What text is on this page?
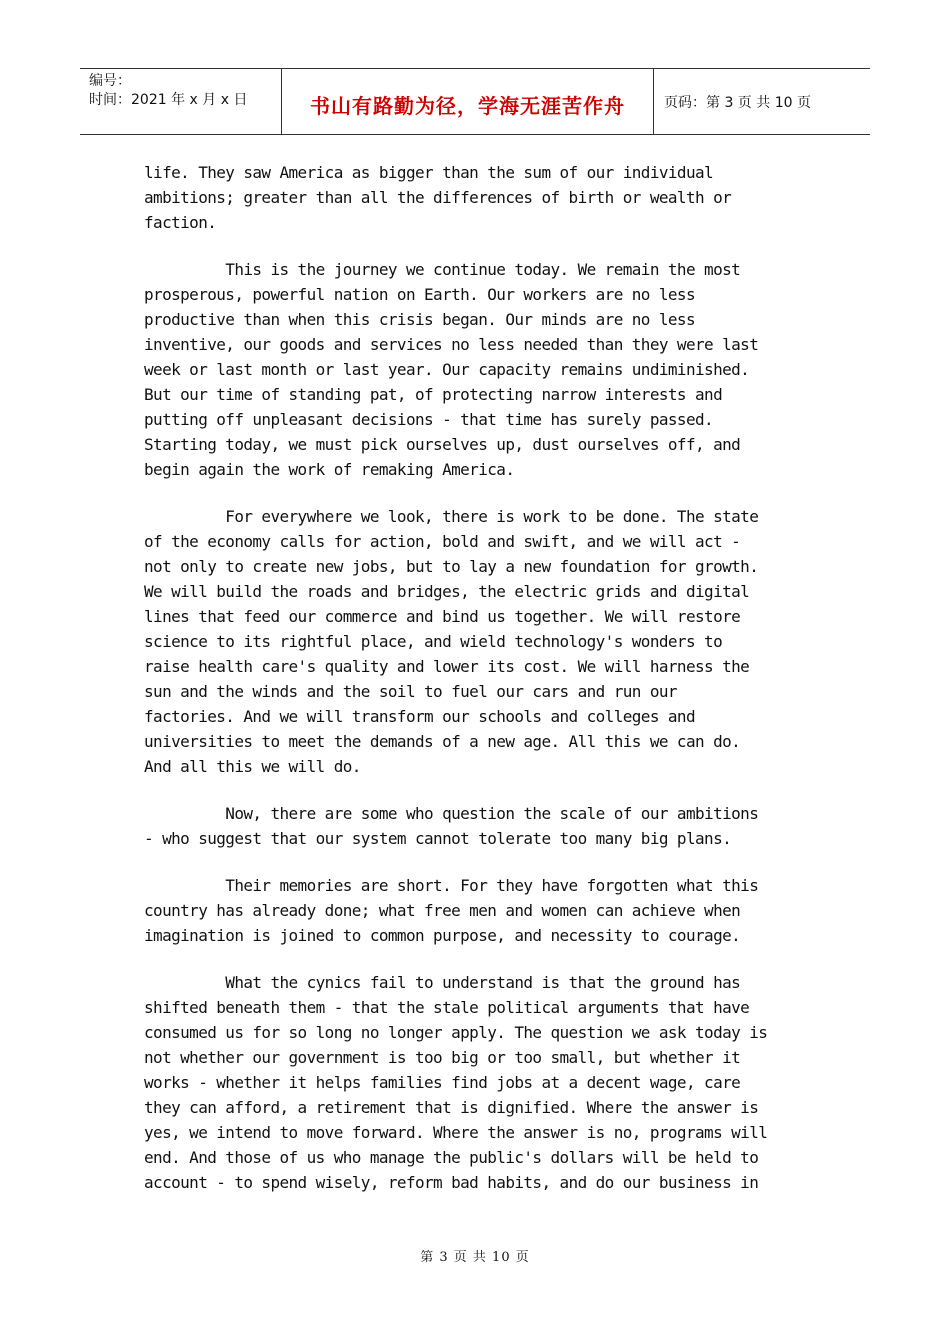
编号：
时间：2021 年 x 月 x 日	书山有路勤为径，学海无涯苦作舟	页码：第 3 页 共 10 页

life. They saw America as bigger than the sum of our individual
ambitions; greater than all the differences of birth or wealth or
faction.

This is the journey we continue today. We remain the most
prosperous, powerful nation on Earth. Our workers are no less
productive than when this crisis began. Our minds are no less
inventive, our goods and services no less needed than they were last
week or last month or last year. Our capacity remains undiminished.
But our time of standing pat, of protecting narrow interests and
putting off unpleasant decisions - that time has surely passed.
Starting today, we must pick ourselves up, dust ourselves off, and
begin again the work of remaking America.

For everywhere we look, there is work to be done. The state
of the economy calls for action, bold and swift, and we will act -
not only to create new jobs, but to lay a new foundation for growth.
We will build the roads and bridges, the electric grids and digital
lines that feed our commerce and bind us together. We will restore
science to its rightful place, and wield technology's wonders to
raise health care's quality and lower its cost. We will harness the
sun and the winds and the soil to fuel our cars and run our
factories. And we will transform our schools and colleges and
universities to meet the demands of a new age. All this we can do.
And all this we will do.

Now, there are some who question the scale of our ambitions
- who suggest that our system cannot tolerate too many big plans.

Their memories are short. For they have forgotten what this
country has already done; what free men and women can achieve when
imagination is joined to common purpose, and necessity to courage.

What the cynics fail to understand is that the ground has
shifted beneath them - that the stale political arguments that have
consumed us for so long no longer apply. The question we ask today is
not whether our government is too big or too small, but whether it
works - whether it helps families find jobs at a decent wage, care
they can afford, a retirement that is dignified. Where the answer is
yes, we intend to move forward. Where the answer is no, programs will
end. And those of us who manage the public's dollars will be held to
account - to spend wisely, reform bad habits, and do our business in

第 3 页 共 10 页
